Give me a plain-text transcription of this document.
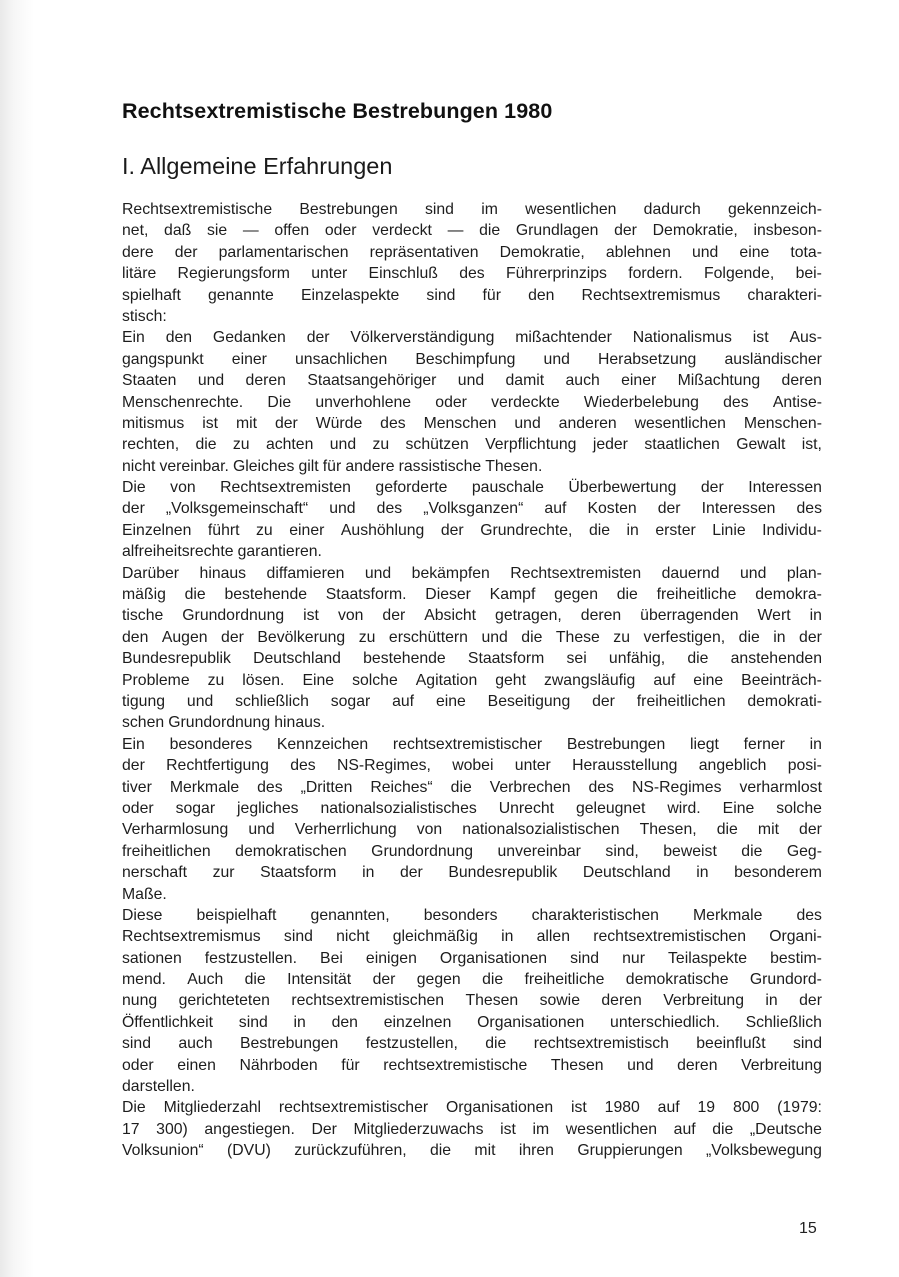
Rechtsextremistische Bestrebungen 1980
I. Allgemeine Erfahrungen
Rechtsextremistische Bestrebungen sind im wesentlichen dadurch gekennzeich-
net, daß sie — offen oder verdeckt — die Grundlagen der Demokratie, insbeson-
dere der parlamentarischen repräsentativen Demokratie, ablehnen und eine tota-
litäre Regierungsform unter Einschluß des Führerprinzips fordern. Folgende, bei-
spielhaft genannte Einzelaspekte sind für den Rechtsextremismus charakteri-
stisch:
Ein den Gedanken der Völkerverständigung mißachtender Nationalismus ist Aus-
gangspunkt einer unsachlichen Beschimpfung und Herabsetzung ausländischer
Staaten und deren Staatsangehöriger und damit auch einer Mißachtung deren
Menschenrechte. Die unverhohlene oder verdeckte Wiederbelebung des Antise-
mitismus ist mit der Würde des Menschen und anderen wesentlichen Menschen-
rechten, die zu achten und zu schützen Verpflichtung jeder staatlichen Gewalt ist,
nicht vereinbar. Gleiches gilt für andere rassistische Thesen.
Die von Rechtsextremisten geforderte pauschale Überbewertung der Interessen
der „Volksgemeinschaft“ und des „Volksganzen“ auf Kosten der Interessen des
Einzelnen führt zu einer Aushöhlung der Grundrechte, die in erster Linie Individu-
alfreiheitsrechte garantieren.
Darüber hinaus diffamieren und bekämpfen Rechtsextremisten dauernd und plan-
mäßig die bestehende Staatsform. Dieser Kampf gegen die freiheitliche demokra-
tische Grundordnung ist von der Absicht getragen, deren überragenden Wert in
den Augen der Bevölkerung zu erschüttern und die These zu verfestigen, die in der
Bundesrepublik Deutschland bestehende Staatsform sei unfähig, die anstehenden
Probleme zu lösen. Eine solche Agitation geht zwangsläufig auf eine Beeinträch-
tigung und schließlich sogar auf eine Beseitigung der freiheitlichen demokrati-
schen Grundordnung hinaus.
Ein besonderes Kennzeichen rechtsextremistischer Bestrebungen liegt ferner in
der Rechtfertigung des NS-Regimes, wobei unter Herausstellung angeblich posi-
tiver Merkmale des „Dritten Reiches“ die Verbrechen des NS-Regimes verharmlost
oder sogar jegliches nationalsozialistisches Unrecht geleugnet wird. Eine solche
Verharmlosung und Verherrlichung von nationalsozialistischen Thesen, die mit der
freiheitlichen demokratischen Grundordnung unvereinbar sind, beweist die Geg-
nerschaft zur Staatsform in der Bundesrepublik Deutschland in besonderem
Maße.
Diese beispielhaft genannten, besonders charakteristischen Merkmale des
Rechtsextremismus sind nicht gleichmäßig in allen rechtsextremistischen Organi-
sationen festzustellen. Bei einigen Organisationen sind nur Teilaspekte bestim-
mend. Auch die Intensität der gegen die freiheitliche demokratische Grundord-
nung gerichteteten rechtsextremistischen Thesen sowie deren Verbreitung in der
Öffentlichkeit sind in den einzelnen Organisationen unterschiedlich. Schließlich
sind auch Bestrebungen festzustellen, die rechtsextremistisch beeinflußt sind
oder einen Nährboden für rechtsextremistische Thesen und deren Verbreitung
darstellen.
Die Mitgliederzahl rechtsextremistischer Organisationen ist 1980 auf 19 800 (1979:
17 300) angestiegen. Der Mitgliederzuwachs ist im wesentlichen auf die „Deutsche
Volksunion“ (DVU) zurückzuführen, die mit ihren Gruppierungen „Volksbewegung
15
